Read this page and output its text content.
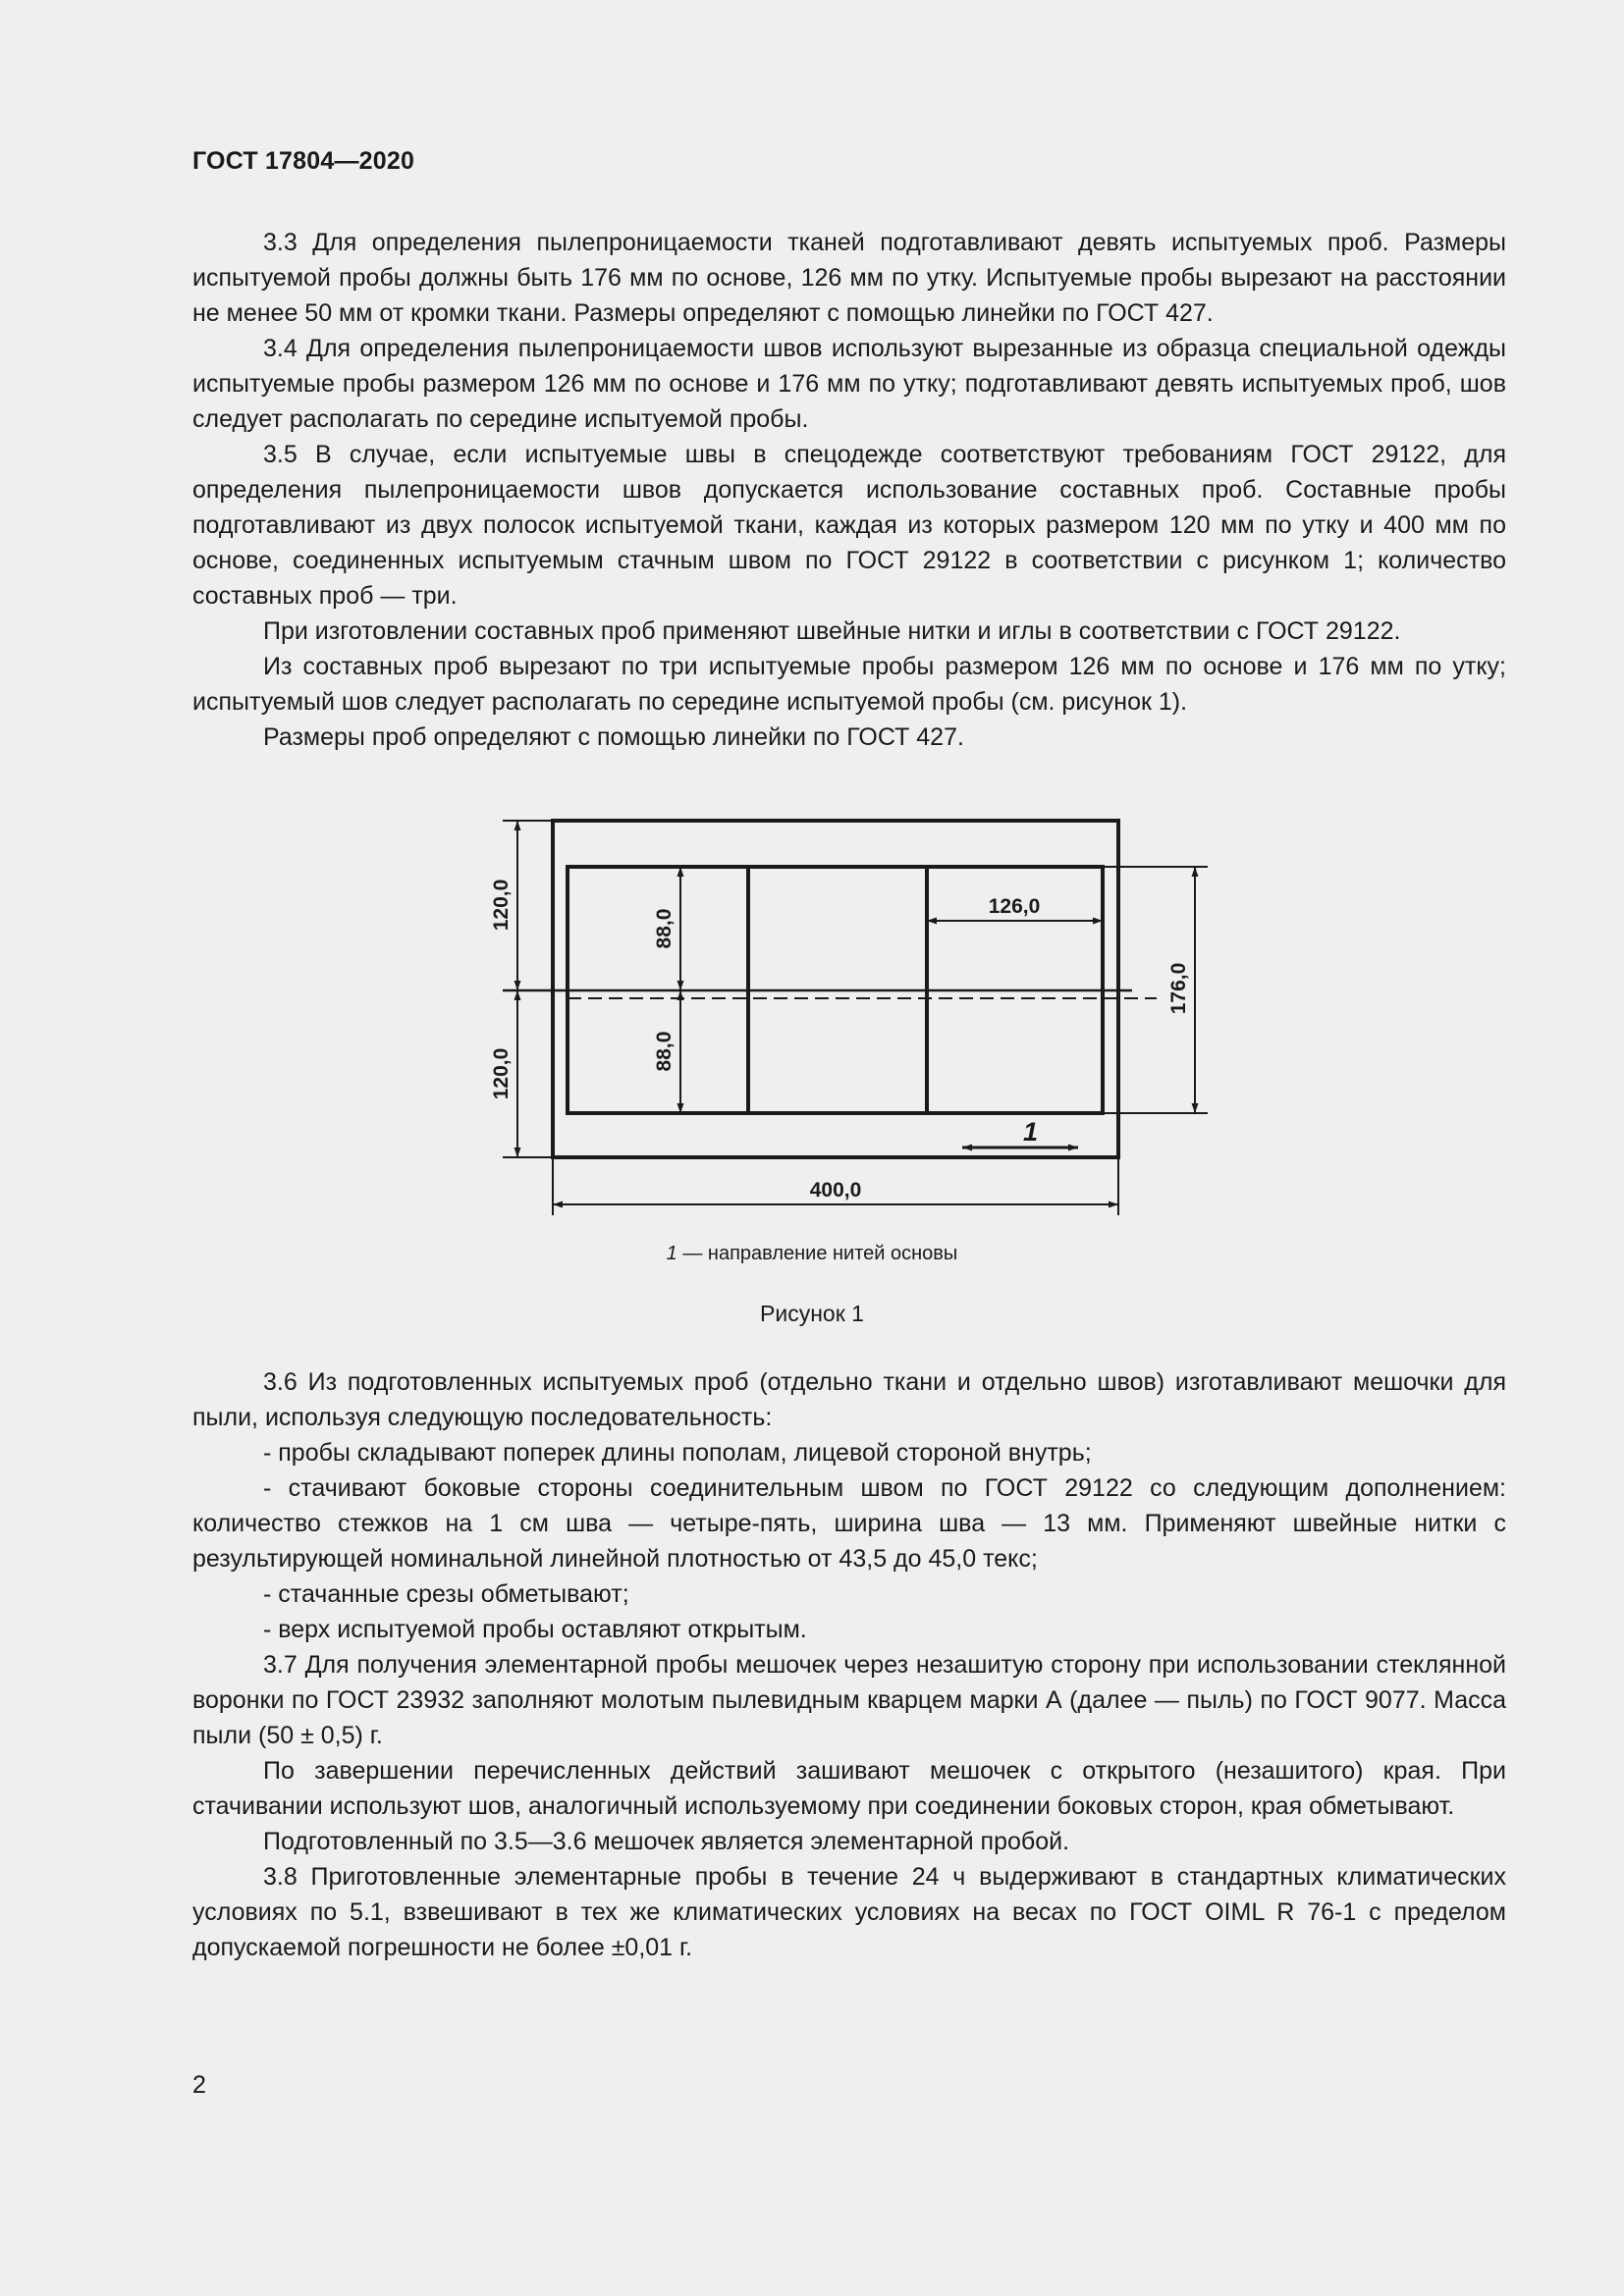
ГОСТ 17804—2020

3.3 Для определения пылепроницаемости тканей подготавливают девять испытуемых проб. Размеры испытуемой пробы должны быть 176 мм по основе, 126 мм по утку. Испытуемые пробы вырезают на расстоянии не менее 50 мм от кромки ткани. Размеры определяют с помощью линейки по ГОСТ 427.

3.4 Для определения пылепроницаемости швов используют вырезанные из образца специальной одежды испытуемые пробы размером 126 мм по основе и 176 мм по утку; подготавливают девять испытуемых проб, шов следует располагать по середине испытуемой пробы.

3.5 В случае, если испытуемые швы в спецодежде соответствуют требованиям ГОСТ 29122, для определения пылепроницаемости швов допускается использование составных проб. Составные пробы подготавливают из двух полосок испытуемой ткани, каждая из которых размером 120 мм по утку и 400 мм по основе, соединенных испытуемым стачным швом по ГОСТ 29122 в соответствии с рисунком 1; количество составных проб — три.

При изготовлении составных проб применяют швейные нитки и иглы в соответствии с ГОСТ 29122.

Из составных проб вырезают по три испытуемые пробы размером 126 мм по основе и 176 мм по утку; испытуемый шов следует располагать по середине испытуемой пробы (см. рисунок 1).

Размеры проб определяют с помощью линейки по ГОСТ 427.

120,0
120,0
88,0
88,0
126,0
176,0
1
400,0
1 — направление нитей основы
Рисунок 1

3.6 Из подготовленных испытуемых проб (отдельно ткани и отдельно швов) изготавливают мешочки для пыли, используя следующую последовательность:

- пробы складывают поперек длины пополам, лицевой стороной внутрь;

- стачивают боковые стороны соединительным швом по ГОСТ 29122 со следующим дополнением: количество стежков на 1 см шва — четыре-пять, ширина шва — 13 мм. Применяют швейные нитки с результирующей номинальной линейной плотностью от 43,5 до 45,0 текс;

- стачанные срезы обметывают;

- верх испытуемой пробы оставляют открытым.

3.7 Для получения элементарной пробы мешочек через незашитую сторону при использовании стеклянной воронки по ГОСТ 23932 заполняют молотым пылевидным кварцем марки А (далее — пыль) по ГОСТ 9077. Масса пыли (50 ± 0,5) г.

По завершении перечисленных действий зашивают мешочек с открытого (незашитого) края. При стачивании используют шов, аналогичный используемому при соединении боковых сторон, края обметывают.

Подготовленный по 3.5—3.6 мешочек является элементарной пробой.

3.8 Приготовленные элементарные пробы в течение 24 ч выдерживают в стандартных климатических условиях по 5.1, взвешивают в тех же климатических условиях на весах по ГОСТ OIML R 76-1 с пределом допускаемой погрешности не более ±0,01 г.

2
